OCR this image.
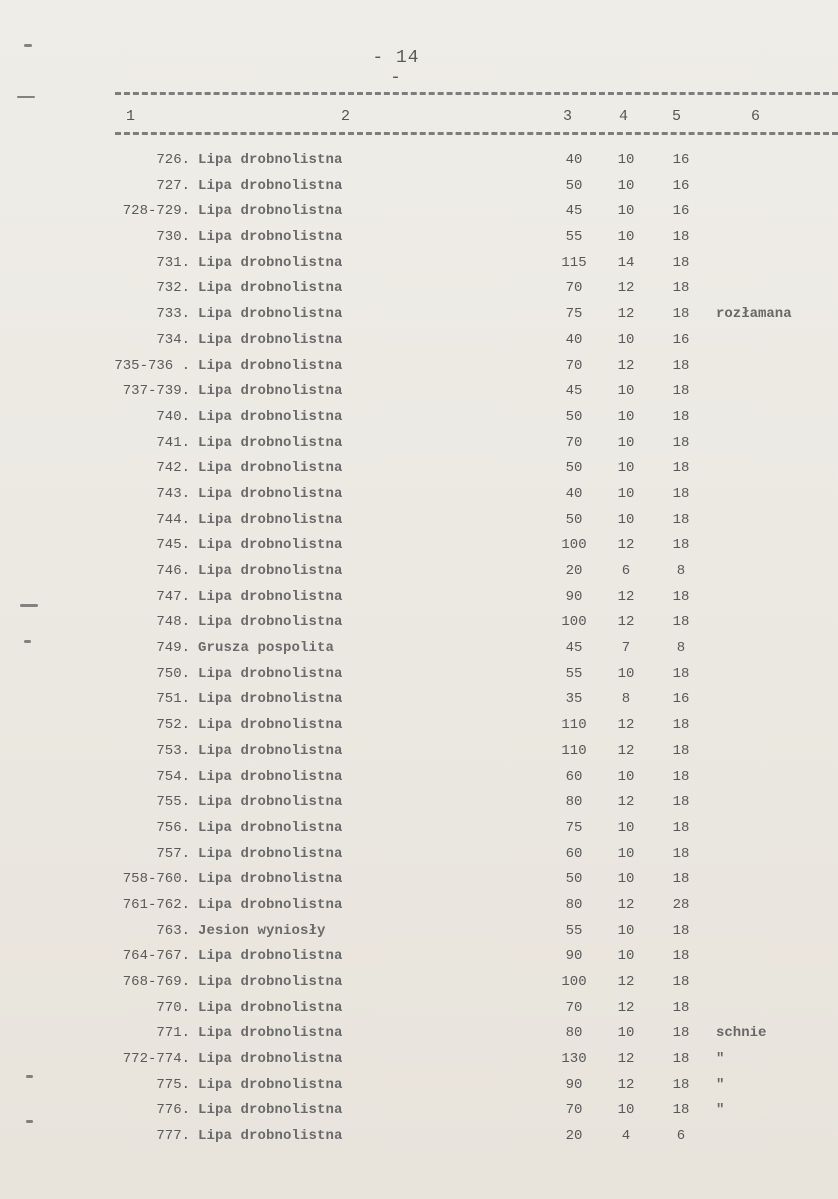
- 14 -
1	2	3	4	5	6
726. Lipa drobnolistna	40	10	16
727. Lipa drobnolistna	50	10	16
728-729. Lipa drobnolistna	45	10	16
730. Lipa drobnolistna	55	10	18
731. Lipa drobnolistna	115 14	18
732. Lipa drobnolistna	70	12	18
733. Lipa drobnolistna	75	12	18	rozłamana
734. Lipa drobnolistna	40	10	16
735-736 . Lipa drobnolistna	70	12	18
737-739. Lipa drobnolistna	45	10	18
740. Lipa drobnolistna	50	10	18
741. Lipa drobnolistna	70	10	18
742. Lipa drobnolistna	50	10	18
743. Lipa drobnolistna	40	10	18
744. Lipa drobnolistna	50	10	18
745. Lipa drobnolistna	100 12	18
746. Lipa drobnolistna	20	6	8
747. Lipa drobnolistna	90	12	18
748. Lipa drobnolistna	100 12	18
749. Grusza pospolita	45	7	8
750. Lipa drobnolistna	55	10	18
751. Lipa drobnolistna	35	8	16
752. Lipa drobnolistna	110 12	18
753. Lipa drobnolistna	110 12	18
754. Lipa drobnolistna	60	10	18
755. Lipa drobnolistna	80	12	18
756. Lipa drobnolistna	75	10	18
757. Lipa drobnolistna	60	10	18
758-760. Lipa drobnolistna	50	10	18
761-762. Lipa drobnolistna	80	12	28
763. Jesion wyniosły	55	10	18
764-767. Lipa drobnolistna	90	10	18
768-769. Lipa drobnolistna	100 12	18
770. Lipa drobnolistna	70	12	18
771. Lipa drobnolistna	80	10	18	schnie
772-774. Lipa drobnolistna	130 12	18	"
775. Lipa drobnolistna	90	12	18	"
776. Lipa drobnolistna	70	10	18	"
777. Lipa drobnolistna	20	4	6
